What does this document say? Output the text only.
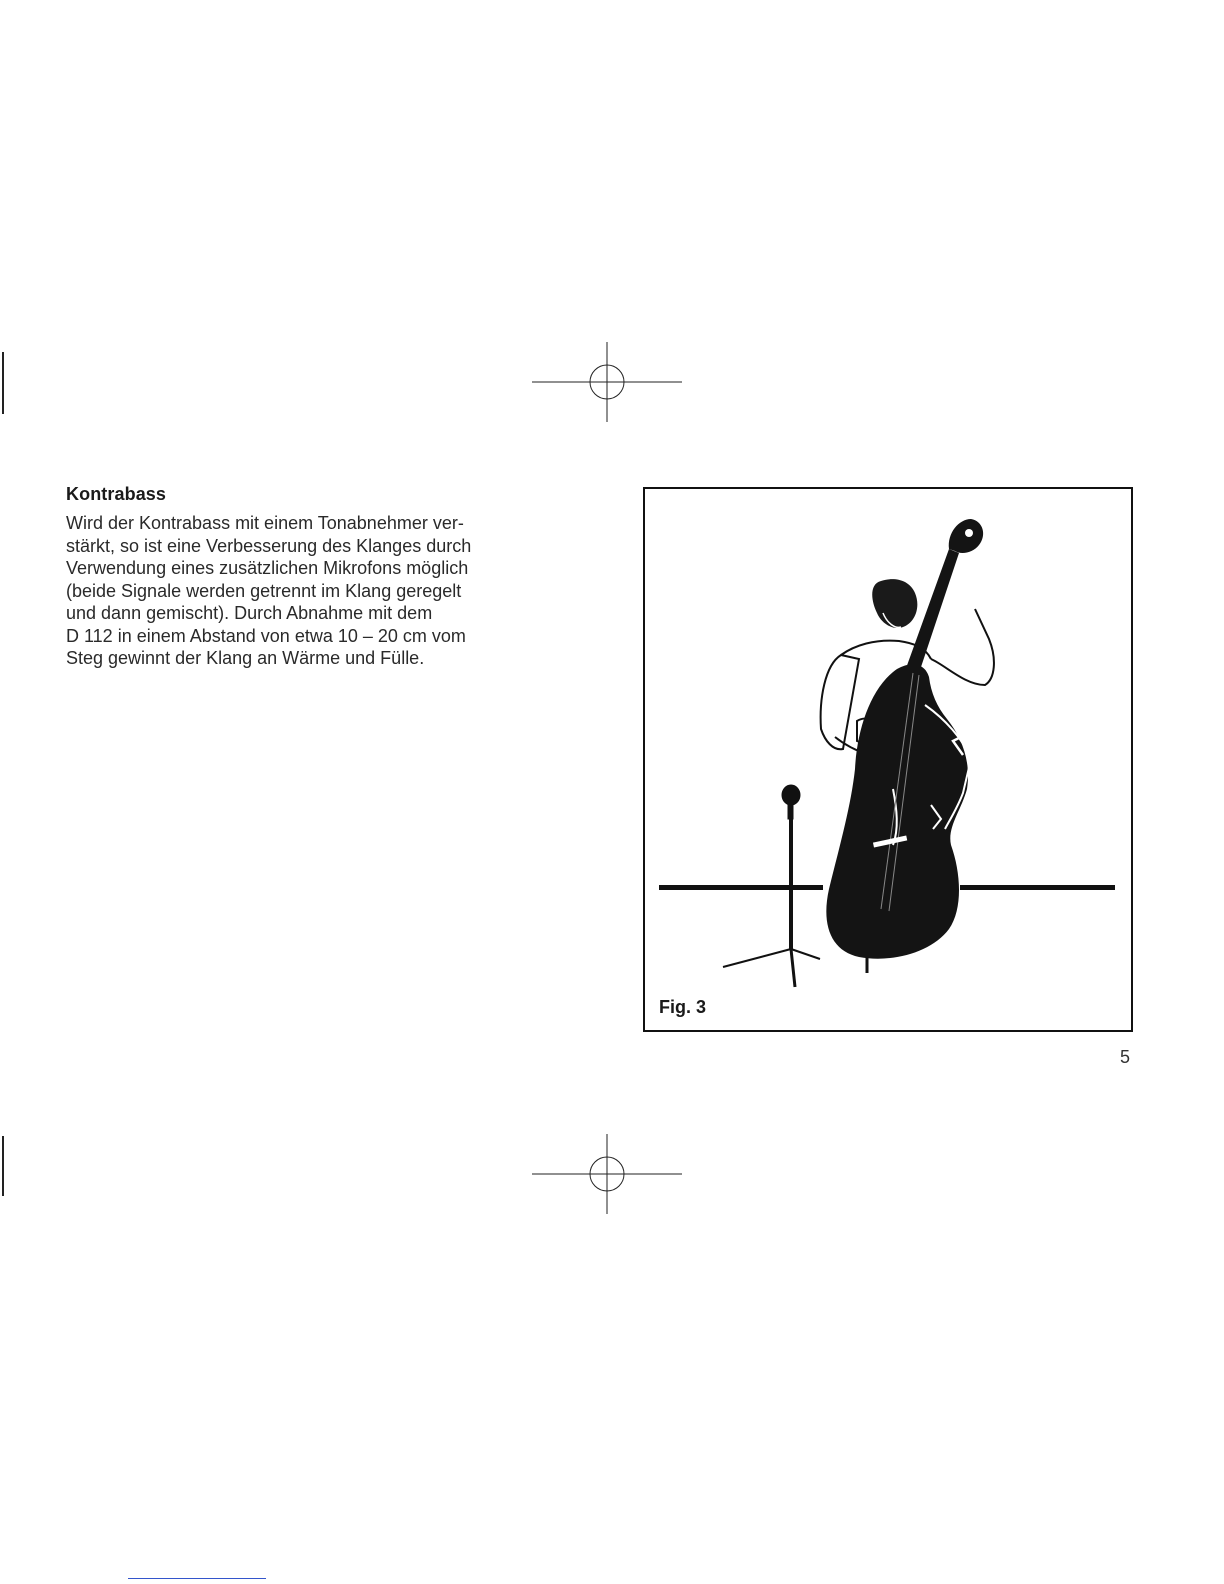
Kontrabass

Wird der Kontrabass mit einem Tonabnehmer ver-
stärkt, so ist eine Verbesserung des Klanges durch
Verwendung eines zusätzlichen Mikrofons möglich
(beide Signale werden getrennt im Klang geregelt
und dann gemischt). Durch Abnahme mit dem
D 112 in einem Abstand von etwa 10 – 20 cm vom
Steg gewinnt der Klang an Wärme und Fülle.

Fig. 3

5
